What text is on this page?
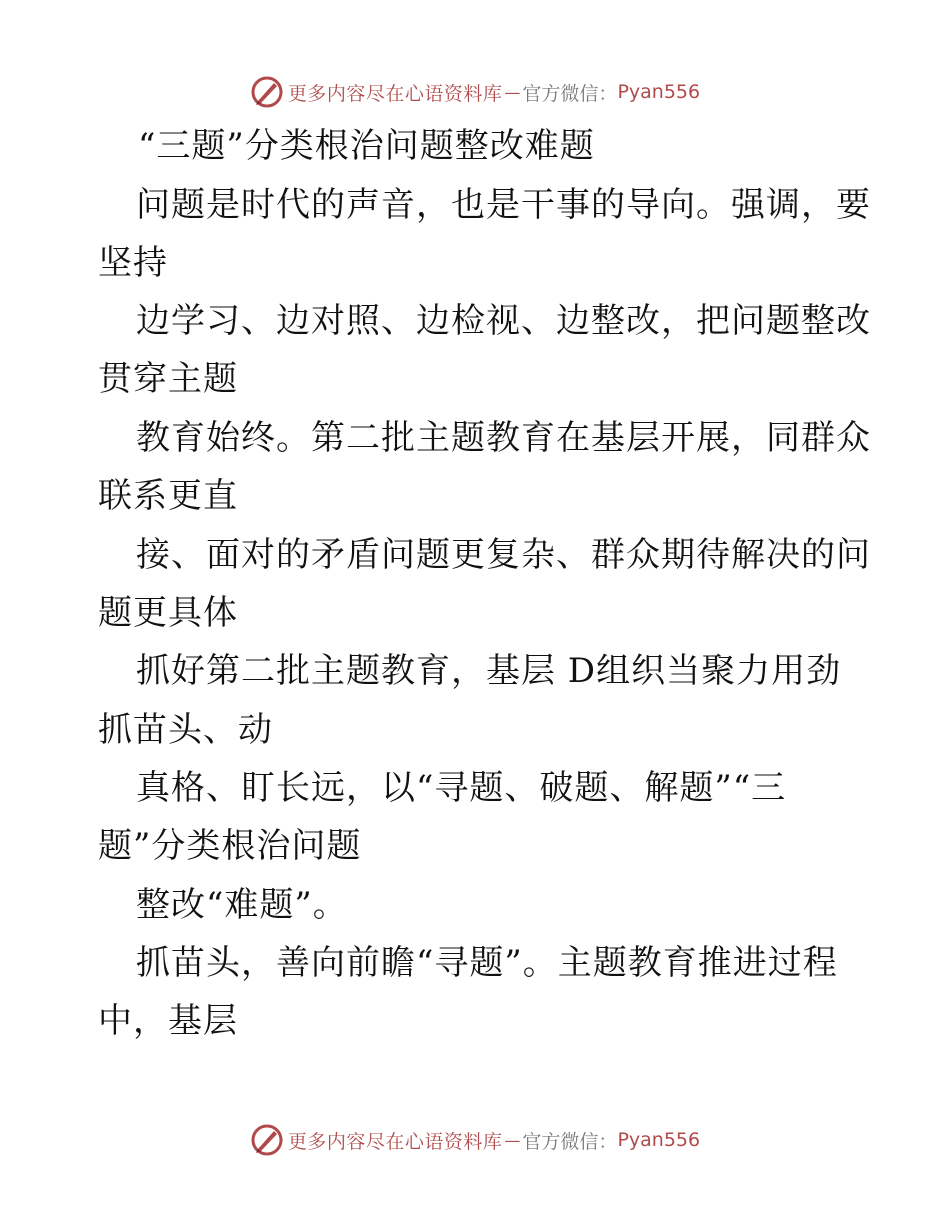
更多内容尽在心语资料库 — 官方微信： Pyan556
“三题”分类根治问题整改难题
问题是时代的声音，也是干事的导向。强调，要
坚持
边学习、边对照、边检视、边整改，把问题整改
贯穿主题
教育始终。第二批主题教育在基层开展，同群众
联系更直
接、面对的矛盾问题更复杂、群众期待解决的问
题更具体
抓好第二批主题教育，基层 D组织当聚力用劲
抓苗头、动
真格、盯长远，以“寻题、破题、解题”“三
题”分类根治问题
整改“难题”。
抓苗头，善向前瞻“寻题”。主题教育推进过程
中，基层
更多内容尽在心语资料库 — 官方微信： Pyan556
